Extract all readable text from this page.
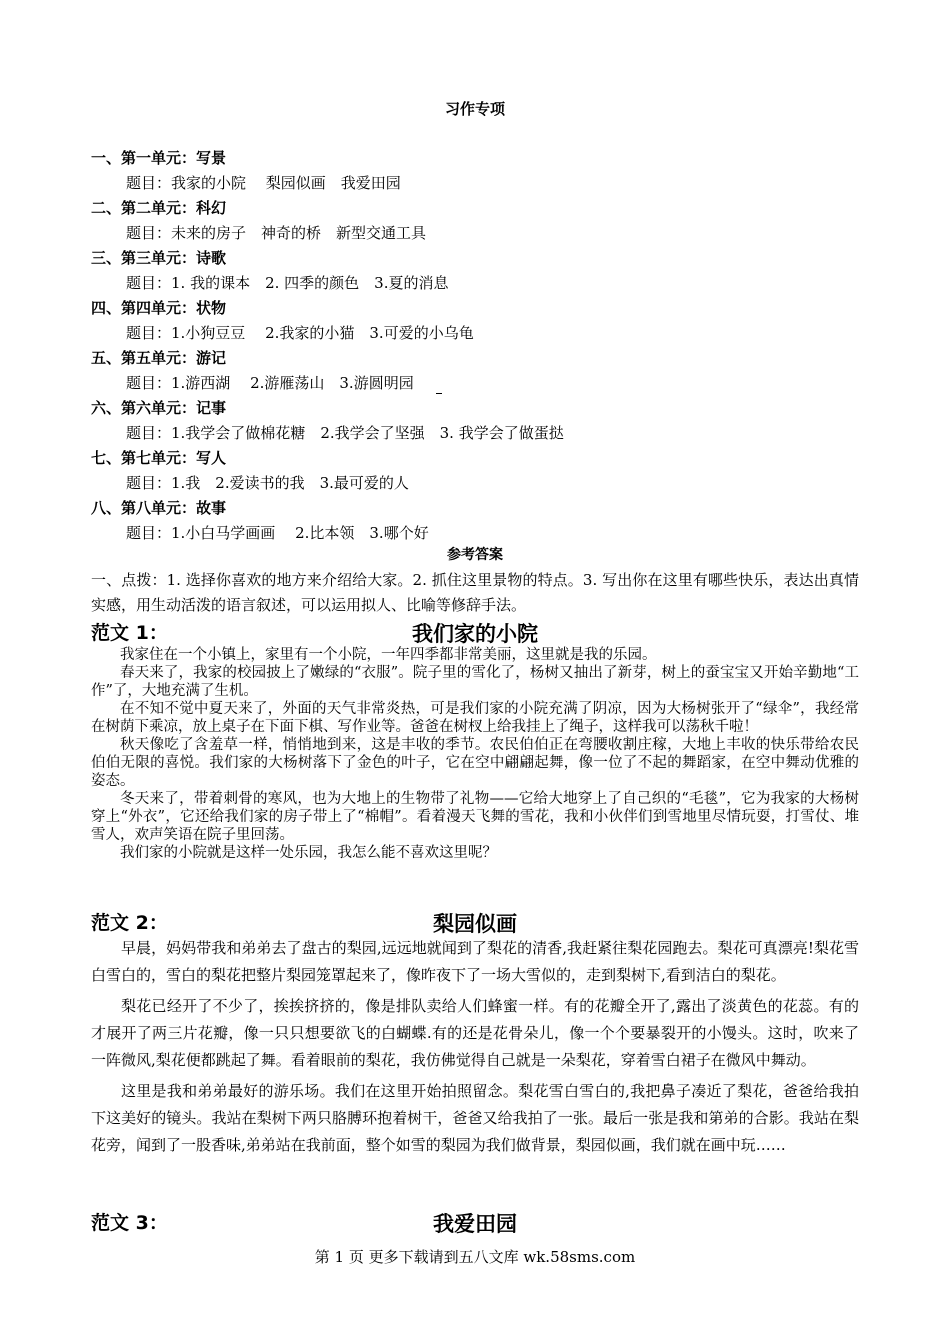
习作专项
一、第一单元：写景
题目：我家的小院　 梨园似画　我爱田园
二、第二单元：科幻
题目：未来的房子　神奇的桥　新型交通工具
三、第三单元：诗歌
题目：1. 我的课本　2. 四季的颜色　3.夏的消息
四、第四单元：状物
题目：1.小狗豆豆　 2.我家的小猫　3.可爱的小乌龟
五、第五单元：游记
题目：1.游西湖　 2.游雁荡山　3.游圆明园
六、第六单元：记事
题目：1.我学会了做棉花糖　2.我学会了坚强　3. 我学会了做蛋挞
七、第七单元：写人
题目：1.我　2.爱读书的我　3.最可爱的人
八、第八单元：故事
题目：1.小白马学画画　 2.比本领　3.哪个好
参考答案
一、点拨：1. 选择你喜欢的地方来介绍给大家。2. 抓住这里景物的特点。3. 写出你在这里有哪些快乐，表达出真情实感，用生动活泼的语言叙述，可以运用拟人、比喻等修辞手法。
范文 1：	我们家的小院

我家住在一个小镇上，家里有一个小院，一年四季都非常美丽，这里就是我的乐园。

春天来了，我家的校园披上了嫩绿的“衣服”。院子里的雪化了，杨树又抽出了新芽，树上的蚕宝宝又开始辛勤地“工作”了，大地充满了生机。

在不知不觉中夏天来了，外面的天气非常炎热，可是我们家的小院充满了阴凉，因为大杨树张开了“绿伞”，我经常在树荫下乘凉，放上桌子在下面下棋、写作业等。爸爸在树杈上给我挂上了绳子，这样我可以荡秋千啦！

秋天像吃了含羞草一样，悄悄地到来，这是丰收的季节。农民伯伯正在弯腰收割庄稼，大地上丰收的快乐带给农民伯伯无限的喜悦。我们家的大杨树落下了金色的叶子，它在空中翩翩起舞，像一位了不起的舞蹈家，在空中舞动优雅的姿态。

冬天来了，带着刺骨的寒风，也为大地上的生物带了礼物——它给大地穿上了自己织的“毛毯”，它为我家的大杨树穿上“外衣”，它还给我们家的房子带上了“棉帽”。看着漫天飞舞的雪花，我和小伙伴们到雪地里尽情玩耍，打雪仗、堆雪人，欢声笑语在院子里回荡。

我们家的小院就是这样一处乐园，我怎么能不喜欢这里呢？

范文 2：	梨园似画

早晨，妈妈带我和弟弟去了盘古的梨园,远远地就闻到了梨花的清香,我赶紧往梨花园跑去。梨花可真漂亮!梨花雪白雪白的，雪白的梨花把整片梨园笼罩起来了，像昨夜下了一场大雪似的，走到梨树下,看到洁白的梨花。

梨花已经开了不少了，挨挨挤挤的，像是排队卖给人们蜂蜜一样。有的花瓣全开了,露出了淡黄色的花蕊。有的才展开了两三片花瓣，像一只只想要欲飞的白蝴蝶.有的还是花骨朵儿，像一个个要暴裂开的小馒头。这时，吹来了一阵微风,梨花便都跳起了舞。看着眼前的梨花，我仿佛觉得自己就是一朵梨花，穿着雪白裙子在微风中舞动。

这里是我和弟弟最好的游乐场。我们在这里开始拍照留念。梨花雪白雪白的,我把鼻子凑近了梨花，爸爸给我拍下这美好的镜头。我站在梨树下两只胳膊环抱着树干，爸爸又给我拍了一张。最后一张是我和第弟的合影。我站在梨花旁，闻到了一股香味,弟弟站在我前面，整个如雪的梨园为我们做背景，梨园似画，我们就在画中玩……

范文 3：	我爱田园
第 1 页 更多下载请到五八文库 wk.58sms.com
